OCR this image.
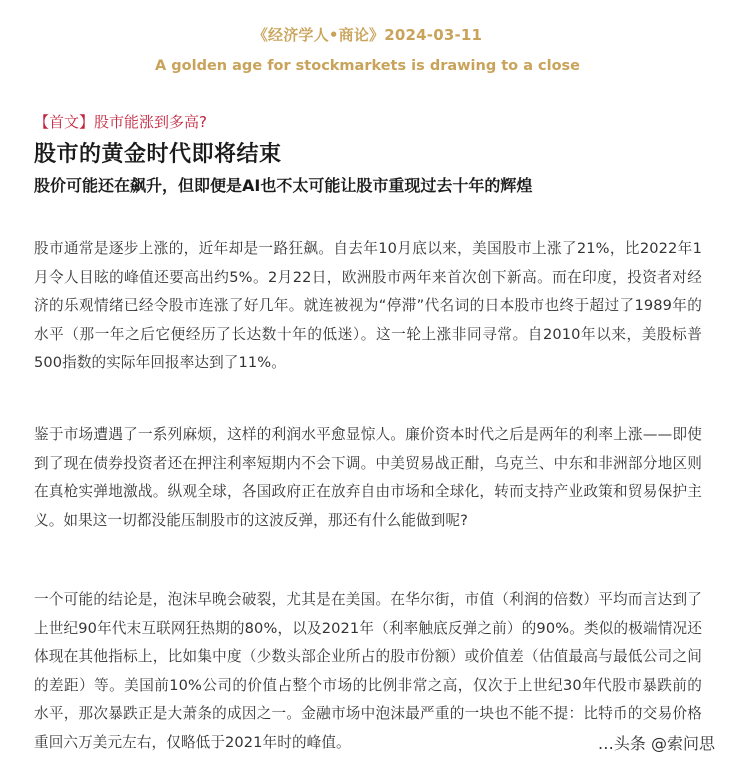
《经济学人•商论》2024-03-11
A golden age for stockmarkets is drawing to a close
【首文】股市能涨到多高?
股市的黄金时代即将结束
股价可能还在飙升，但即便是AI也不太可能让股市重现过去十年的辉煌

股市通常是逐步上涨的，近年却是一路狂飙。自去年10月底以来，美国股市上涨了21%，比2022年1月令人目眩的峰值还要高出约5%。2月22日，欧洲股市两年来首次创下新高。而在印度，投资者对经济的乐观情绪已经令股市连涨了好几年。就连被视为“停滞”代名词的日本股市也终于超过了1989年的水平（那一年之后它便经历了长达数十年的低迷）。这一轮上涨非同寻常。自2010年以来，美股标普500指数的实际年回报率达到了11%。

鉴于市场遭遇了一系列麻烦，这样的利润水平愈显惊人。廉价资本时代之后是两年的利率上涨——即使到了现在债券投资者还在押注利率短期内不会下调。中美贸易战正酣，乌克兰、中东和非洲部分地区则在真枪实弹地激战。纵观全球，各国政府正在放弃自由市场和全球化，转而支持产业政策和贸易保护主义。如果这一切都没能压制股市的这波反弹，那还有什么能做到呢?

一个可能的结论是，泡沫早晚会破裂，尤其是在美国。在华尔街，市值（利润的倍数）平均而言达到了上世纪90年代末互联网狂热期的80%，以及2021年（利率触底反弹之前）的90%。类似的极端情况还体现在其他指标上，比如集中度（少数头部企业所占的股市份额）或价值差（估值最高与最低公司之间的差距）等。美国前10%公司的价值占整个市场的比例非常之高，仅次于上世纪30年代股市暴跌前的水平，那次暴跌正是大萧条的成因之一。金融市场中泡沫最严重的一块也不能不提：比特币的交易价格重回六万美元左右，仅略低于2021年时的峰值。	…头条 @索问思
